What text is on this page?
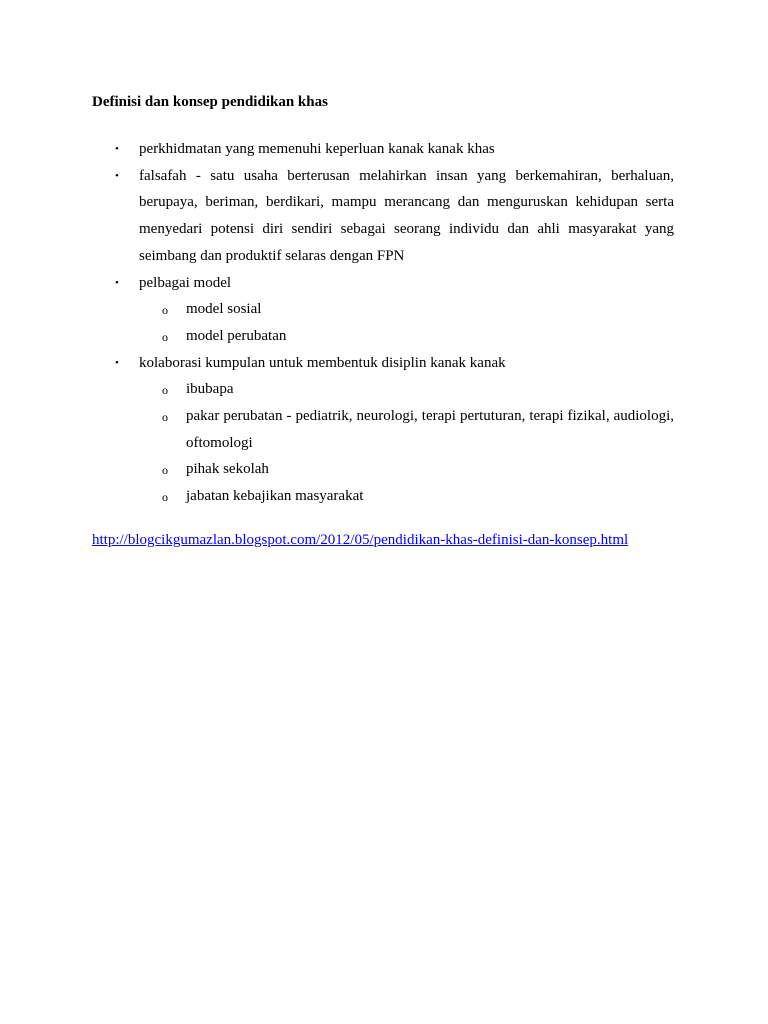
Definisi dan konsep pendidikan khas
• perkhidmatan yang memenuhi keperluan kanak kanak khas
• falsafah - satu usaha berterusan melahirkan insan yang berkemahiran, berhaluan, berupaya, beriman, berdikari, mampu merancang dan menguruskan kehidupan serta menyedari potensi diri sendiri sebagai seorang individu dan ahli masyarakat yang seimbang dan produktif selaras dengan FPN
• pelbagai model
o model sosial
o model perubatan
• kolaborasi kumpulan untuk membentuk disiplin kanak kanak
o ibubapa
o pakar perubatan - pediatrik, neurologi, terapi pertuturan, terapi fizikal, audiologi, oftomologi
o pihak sekolah
o jabatan kebajikan masyarakat
http://blogcikgumazlan.blogspot.com/2012/05/pendidikan-khas-definisi-dan-konsep.html
